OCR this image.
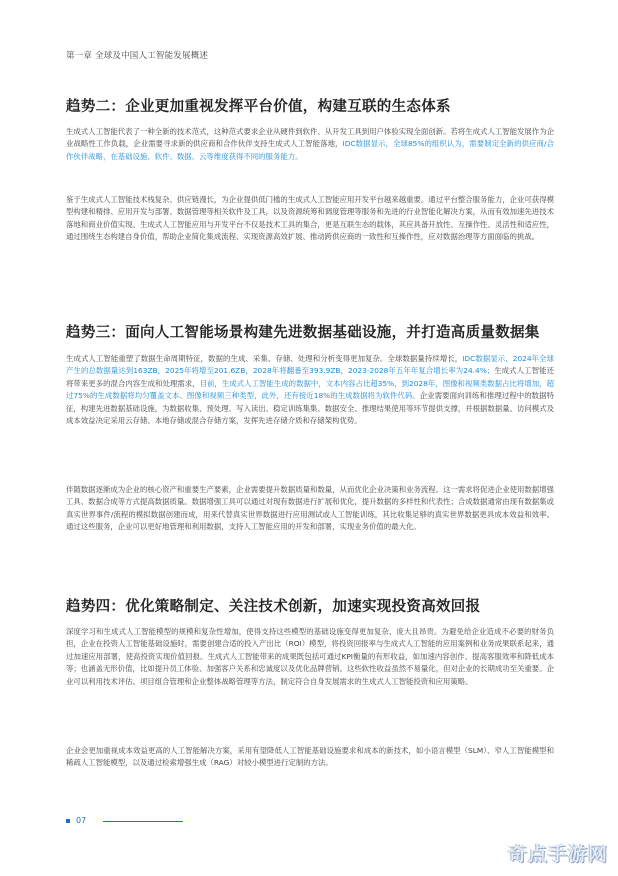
第一章 全球及中国人工智能发展概述
趋势二：企业更加重视发挥平台价值，构建互联的生态体系

生成式人工智能代表了一种全新的技术范式，这种范式要求企业从硬件到软件、从开发工具到用户体验实现全面创新。若将生成式人工智能发展作为企业战略性工作负载，企业需要寻求新的供应商和合作伙伴支持生成式人工智能落地，IDC数据显示，全球85%的组织认为，需要制定全新的供应商/合作伙伴战略，在基础设施、软件、数据、云等维度获得不同的服务能力。

鉴于生成式人工智能技术栈复杂、供应链漫长，为企业提供低门槛的生成式人工智能应用开发平台越来越重要。通过平台整合服务能力，企业可获得模型构建和精排、应用开发与部署、数据管理等相关软件及工具，以及资源统筹和调度管理等服务和先进的行业智能化解决方案，从而有效加速先进技术落地和商业价值实现。生成式人工智能应用与开发平台不仅是技术工具的集合，更是互联生态的载体，其应具备开放性、互操作性、灵活性和适应性，通过围绕生态构建自身价值，帮助企业简化集成流程、实现资源高效扩展、推动跨供应商的一致性和互操作性，应对数据治理等方面面临的挑战。

趋势三：面向人工智能场景构建先进数据基础设施，并打造高质量数据集

生成式人工智能重塑了数据生命周期特征，数据的生成、采集、存储、处理和分析变得更加复杂。全球数据量持续增长，IDC数据显示，2024年全球产生的总数据量达到163ZB，2025年将增至201.6ZB，2028年将翻番至393.9ZB，2023-2028年五年年复合增长率为24.4%；生成式人工智能还将带来更多的混合内容生成和处理需求，目前，生成式人工智能生成的数据中，文本内容占比超35%，到2028年，图像和视频类数据占比将增加，超过75%的生成数据将均匀覆盖文本、图像和视频三种类型，此外，还有接近18%的生成数据将为软件代码。企业需要面向训练和推理过程中的数据特征，构建先进数据基础设施，为数据收集、预处理、写入读出、稳定训练集集、数据安全、推理结果使用等环节提供支撑，并根据数据量、访问模式及成本效益决定采用云存储、本地存储或混合存储方案，发挥先进存储介质和存储架构优势。

伴随数据逐渐成为企业的核心资产和重要生产要素，企业需要提升数据质量和数量，从而优化企业决策和业务流程。这一需求将促进企业使用数据增强工具、数据合成等方式提高数据质量。数据增强工具可以通过对现有数据进行扩展和优化，提升数据的多样性和代表性；合成数据通常由现有数据集或真实世界事件/流程的模拟数据创建而成，用来代替真实世界数据进行应用测试或人工智能训练，其比收集足够的真实世界数据更具成本效益和效率。通过这些服务，企业可以更好地管理和利用数据，支持人工智能应用的开发和部署，实现业务价值的最大化。

趋势四：优化策略制定、关注技术创新，加速实现投资高效回报

深度学习和生成式人工智能模型的规模和复杂性增加，使得支持这些模型的基础设施变得更加复杂、庞大且昂贵。为避免给企业造成不必要的财务负担，企业在投资人工智能基础设施时，需要创建合适的投入产出比（ROI）模型，将投资回报率与生成式人工智能的应用案例和业务成果联系起来，通过加速应用部署，使高投资实现价值回报。生成式人工智能带来的成果既包括可通过KPI衡量的有形收益，如加速内容创作、提高客服效率和降低成本等；也涵盖无形价值，比如提升员工体验、加强客户关系和忠诚度以及优化品牌营销。这些软性收益虽然不易量化，但对企业的长期成功至关重要。企业可以利用技术评估、项目组合管理和企业整体战略管理等方法，制定符合自身发展需求的生成式人工智能投资和应用策略。

企业会更加重视成本效益更高的人工智能解决方案，采用有望降低人工智能基础设施要求和成本的新技术，如小语言模型（SLM）、窄人工智能模型和稀疏人工智能模型，以及通过检索增强生成（RAG）对较小模型进行定制的方法。

07
奇点手游网
